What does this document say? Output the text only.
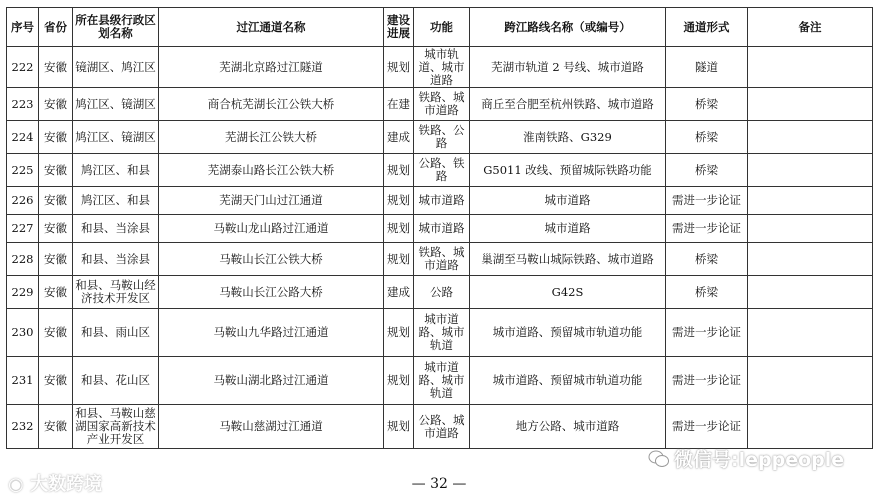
序号	省份	所在县级行政区划名称	过江通道名称	建设进展	功能	跨江路线名称（或编号）	通道形式	备注
222	安徽	镜湖区、鸠江区	芜湖北京路过江隧道	规划	城市轨道、城市道路	芜湖市轨道 2 号线、城市道路	隧道	
223	安徽	鸠江区、镜湖区	商合杭芜湖长江公铁大桥	在建	铁路、城市道路	商丘至合肥至杭州铁路、城市道路	桥梁	
224	安徽	鸠江区、镜湖区	芜湖长江公铁大桥	建成	铁路、公路	淮南铁路、G329	桥梁	
225	安徽	鸠江区、和县	芜湖泰山路长江公铁大桥	规划	公路、铁路	G5011 改线、预留城际铁路功能	桥梁	
226	安徽	鸠江区、和县	芜湖天门山过江通道	规划	城市道路	城市道路	需进一步论证	
227	安徽	和县、当涂县	马鞍山龙山路过江通道	规划	城市道路	城市道路	需进一步论证	
228	安徽	和县、当涂县	马鞍山长江公铁大桥	规划	铁路、城市道路	巢湖至马鞍山城际铁路、城市道路	桥梁	
229	安徽	和县、马鞍山经济技术开发区	马鞍山长江公路大桥	建成	公路	G42S	桥梁	
230	安徽	和县、雨山区	马鞍山九华路过江通道	规划	城市道路、城市轨道	城市道路、预留城市轨道功能	需进一步论证	
231	安徽	和县、花山区	马鞍山湖北路过江通道	规划	城市道路、城市轨道	城市道路、预留城市轨道功能	需进一步论证	
232	安徽	和县、马鞍山慈湖国家高新技术产业开发区	马鞍山慈湖过江通道	规划	公路、城市道路	地方公路、城市道路	需进一步论证	
— 32 —
◉ 大数跨境
微信号:leppeople
